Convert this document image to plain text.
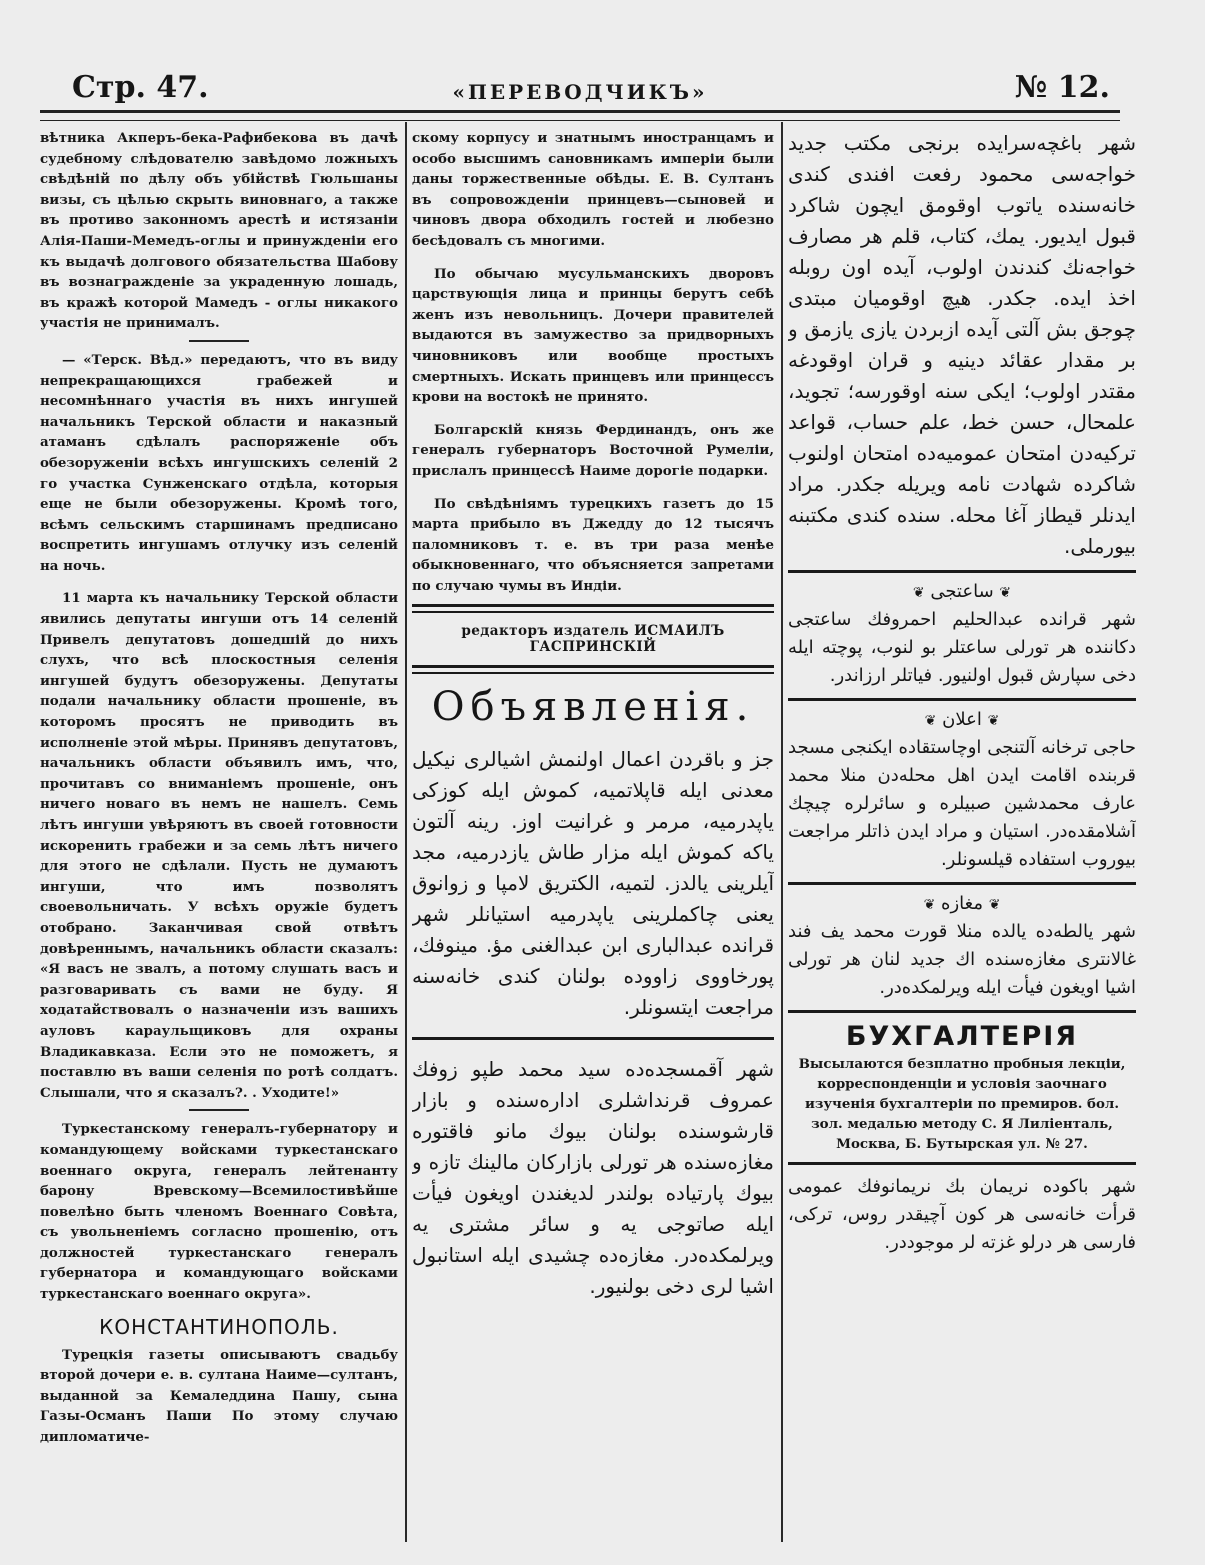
Стр. 47.	«ПЕРЕВОДЧИКЪ»	№ 12.

вѣтника Акперъ-бека-Рафибекова въ дачѣ судебному слѣдователю завѣдомо ложныхъ свѣдѣній по дѣлу объ убійствѣ Гюльшаны визы, съ цѣлью скрыть виновнаго, а также въ противо законномъ арестѣ и истязаніи Алія-Паши-Мемедъ-оглы и принужденіи его къ выдачѣ долгового обязательства Шабову въ вознагражденіе за украденную лошадь, въ кражѣ которой Мамедъ - оглы никакого участія не принималъ.

— «Терск. Вѣд.» передаютъ, что въ виду непрекращающихся грабежей и несомнѣннаго участія въ нихъ ингушей начальникъ Терской области и наказный атаманъ сдѣлалъ распоряженіе объ обезоруженіи всѣхъ ингушскихъ селеній 2 го участка Сунженскаго отдѣла, которыя еще не были обезоружены. Кромѣ того, всѣмъ сельскимъ старшинамъ предписано воспретить ингушамъ отлучку изъ селеній на ночь.

11 марта къ начальнику Терской области явились депутаты ингуши отъ 14 селеній Привелъ депутатовъ дошедшій до нихъ слухъ, что всѣ плоскостныя селенія ингушей будутъ обезоружены. Депутаты подали начальнику области прошеніе, въ которомъ просятъ не приводить въ исполненіе этой мѣры. Принявъ депутатовъ, начальникъ области объявилъ имъ, что, прочитавъ со вниманіемъ прошеніе, онъ ничего новаго въ немъ не нашелъ. Семь лѣтъ ингуши увѣряютъ въ своей готовности искоренить грабежи и за семь лѣтъ ничего для этого не сдѣлали. Пусть не думаютъ ингуши, что имъ позволятъ своевольничать. У всѣхъ оружіе будетъ отобрано. Заканчивая свой отвѣтъ довѣреннымъ, начальникъ области сказалъ: «Я васъ не звалъ, а потому слушать васъ и разговаривать съ вами не буду. Я ходатайствовалъ о назначеніи изъ вашихъ ауловъ караульщиковъ для охраны Владикавказа. Если это не поможетъ, я поставлю въ ваши селенія по ротѣ солдатъ. Слышали, что я сказалъ?. . Уходите!»

Туркестанскому генералъ-губернатору и командующему войсками туркестанскаго военнаго округа, генералъ лейтенанту барону Вревскому—Всемилостивѣйше повелѣно быть членомъ Военнаго Совѣта, съ увольненіемъ согласно прошенію, отъ должностей туркестанскаго генералъ губернатора и командующаго войсками туркестанскаго военнаго округа».

КОНСТАНТИНОПОЛЬ.

Турецкія газеты описываютъ свадьбу второй дочери е. в. султана Наиме—султанъ, выданной за Кемаледдина Пашу, сына Газы-Османъ Паши По этому случаю дипломатиче-

скому корпусу и знатнымъ иностранцамъ и особо высшимъ сановникамъ имперіи были даны торжественные обѣды. Е. В. Султанъ въ сопровожденіи принцевъ—сыновей и чиновъ двора обходилъ гостей и любезно бесѣдовалъ съ многими.

По обычаю мусульманскихъ дворовъ царствующія лица и принцы берутъ себѣ женъ изъ невольницъ. Дочери правителей выдаются въ замужество за придворныхъ чиновниковъ или вообще простыхъ смертныхъ. Искать принцевъ или принцессъ крови на востокѣ не принято.

Болгарскій князь Фердинандъ, онъ же генералъ губернаторъ Восточной Румеліи, прислалъ принцессѣ Наиме дорогіе подарки.

По свѣдѣніямъ турецкихъ газетъ до 15 марта прибыло въ Джедду до 12 тысячъ паломниковъ т. е. въ три раза менѣе обыкновеннаго, что объясняется запретами по случаю чумы въ Индіи.

редакторъ издатель ИСМАИЛЪ ГАСПРИНСКІЙ
Объявленія.

جز و باقردن اعمال اولنمش اشيالرى نيكيل معدنى ايله قاپلاتميه، كموش ايله كوزكى ياپدرميه، مرمر و غرانيت اوز. رينه آلتون ياكه كموش ايله مزار طاش يازدرميه، مجد آيلرينى يالدز. لتميه، الكتريق لامپا و زوانوق يعنى چاكملرينى ياپدرميه استيانلر شهر قرانده عبدالبارى ابن عبدالغنى مؤ. مينوفك، پورخاووى زاووده بولنان كندى خانه‌سنه مراجعت ايتسونلر.

شهر آقمسجده‌ده سيد محمد طپو زوفك عمروف قرنداشلرى اداره‌سنده و بازار قارشوسنده بولنان بيوك مانو فاقتوره مغازه‌سنده هر تورلى بازاركان مالينك تازه و بيوك پارتياده بولندر لديغندن اويغون فيأت ايله صاتوجى يه و سائر مشترى يه ويرلمكده‌در. مغازه‌ده چشيدى ايله استانبول اشيا لرى دخى بولنيور.

شهر باغچه‌سرايده برنجى مكتب جديد خواجه‌سى محمود رفعت افندى كندى خانه‌سنده ياتوب اوقومق ايچون شاكرد قبول ايديور. يمك، كتاب، قلم هر مصارف خواجه‌نك كندندن اولوب، آيده اون روبله اخذ ايده. جكدر. هيچ اوقوميان مبتدى چوجق بش آلتى آيده ازبردن يازى يازمق و بر مقدار عقائد دينيه و قران اوقودغه مقتدر اولوب؛ ايكى سنه اوقورسه؛ تجويد، علمحال، حسن خط، علم حساب، قواعد تركيه‌دن امتحان عموميه‌ده امتحان اولنوب شاكرده شهادت نامه ويريله جكدر. مراد ايدنلر قيطاز آغا محله. سنده كندى مكتبنه بيورملى.

❦ ساعتجى ❦

شهر قرانده عبدالحليم احمروفك ساعتجى دكاننده هر تورلى ساعتلر بو لنوب، پوچته ايله دخى سپارش قبول اولنيور. فياتلر ارزاندر.

❦ اعلان ❦

حاجى ترخانه آلتنجى اوچاستقاده ايكنجى مسجد قربنده اقامت ايدن اهل محله‌دن منلا محمد عارف محمدشين صبيلره و سائرلره چيچك آشلامقده‌در. استيان و مراد ايدن ذاتلر مراجعت بيوروب استفاده قيلسونلر.

❦ مغازه ❦

شهر يالطه‌ده يالده منلا قورت محمد يف فند غالانترى مغازه‌سنده اك جديد لنان هر تورلى اشيا اويغون فيأت ايله ويرلمكده‌در.

БУХГАЛТЕРІЯ

Высылаются безплатно пробныя лекціи, корреспонденціи и условія заочнаго изученія бухгалтеріи по премиров. бол. зол. медалью методу С. Я Лилiенталь, Москва, Б. Бутырская ул. № 27.

شهر باكوده نريمان بك نريمانوفك عمومى قرأت خانه‌سى هر كون آچيقدر روس، تركى، فارسى هر درلو غزته لر موجوددر.
